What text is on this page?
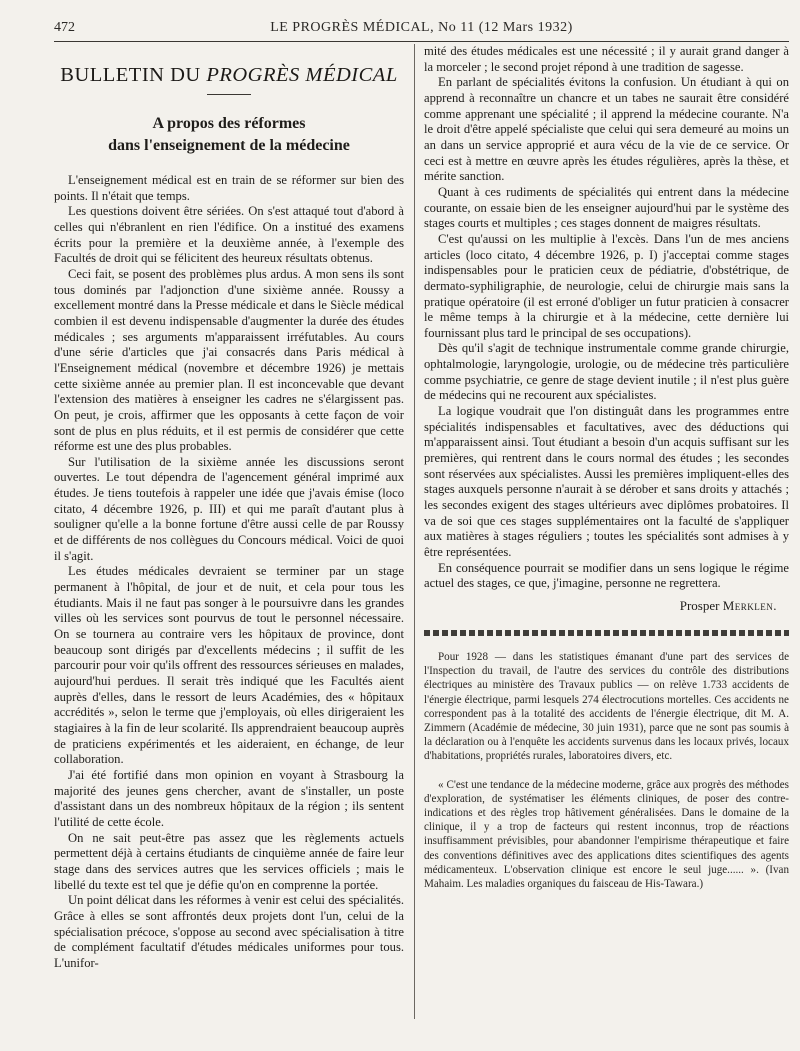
472	LE PROGRÈS MÉDICAL, No 11 (12 Mars 1932)
BULLETIN DU PROGRÈS MÉDICAL
A propos des réformes
dans l'enseignement de la médecine

L'enseignement médical est en train de se réformer sur bien des points. Il n'était que temps.

Les questions doivent être sériées. On s'est attaqué tout d'abord à celles qui n'ébranlent en rien l'édifice. On a institué des examens écrits pour la première et la deuxième année, à l'exemple des Facultés de droit qui se félicitent des heureux résultats obtenus.

Ceci fait, se posent des problèmes plus ardus. A mon sens ils sont tous dominés par l'adjonction d'une sixième année. Roussy a excellement montré dans la Presse médicale et dans le Siècle médical combien il est devenu indispensable d'augmenter la durée des études médicales ; ses arguments m'apparaissent irréfutables. Au cours d'une série d'articles que j'ai consacrés dans Paris médical à l'Enseignement médical (novembre et décembre 1926) je mettais cette sixième année au premier plan. Il est inconcevable que devant l'extension des matières à enseigner les cadres ne s'élargissent pas. On peut, je crois, affirmer que les opposants à cette façon de voir sont de plus en plus réduits, et il est permis de considérer que cette réforme est une des plus probables.

Sur l'utilisation de la sixième année les discussions seront ouvertes. Le tout dépendra de l'agencement général imprimé aux études. Je tiens toutefois à rappeler une idée que j'avais émise (loco citato, 4 décembre 1926, p. III) et qui me paraît d'autant plus à souligner qu'elle a la bonne fortune d'être aussi celle de par Roussy et de différents de nos collègues du Concours médical. Voici de quoi il s'agit.

Les études médicales devraient se terminer par un stage permanent à l'hôpital, de jour et de nuit, et cela pour tous les étudiants. Mais il ne faut pas songer à le poursuivre dans les grandes villes où les services sont pourvus de tout le personnel nécessaire. On se tournera au contraire vers les hôpitaux de province, dont beaucoup sont dirigés par d'excellents médecins ; il suffit de les parcourir pour voir qu'ils offrent des ressources sérieuses en malades, aujourd'hui perdues. Il serait très indiqué que les Facultés aient auprès d'elles, dans le ressort de leurs Académies, des « hôpitaux accrédités », selon le terme que j'employais, où elles dirigeraient les stagiaires à la fin de leur scolarité. Ils apprendraient beaucoup auprès de praticiens expérimentés et les aideraient, en échange, de leur collaboration.

J'ai été fortifié dans mon opinion en voyant à Strasbourg la majorité des jeunes gens chercher, avant de s'installer, un poste d'assistant dans un des nombreux hôpitaux de la région ; ils sentent l'utilité de cette école.

On ne sait peut-être pas assez que les règlements actuels permettent déjà à certains étudiants de cinquième année de faire leur stage dans des services autres que les services officiels ; mais le libellé du texte est tel que je défie qu'on en comprenne la portée.

Un point délicat dans les réformes à venir est celui des spécialités. Grâce à elles se sont affrontés deux projets dont l'un, celui de la spécialisation précoce, s'oppose au second avec spécialisation à titre de complément facultatif d'études médicales uniformes pour tous. L'unifor-

mité des études médicales est une nécessité ; il y aurait grand danger à la morceler ; le second projet répond à une tradition de sagesse.

En parlant de spécialités évitons la confusion. Un étudiant à qui on apprend à reconnaître un chancre et un tabes ne saurait être considéré comme apprenant une spécialité ; il apprend la médecine courante. N'a le droit d'être appelé spécialiste que celui qui sera demeuré au moins un an dans un service approprié et aura vécu de la vie de ce service. Or ceci est à mettre en œuvre après les études régulières, après la thèse, et mérite sanction.

Quant à ces rudiments de spécialités qui entrent dans la médecine courante, on essaie bien de les enseigner aujourd'hui par le système des stages courts et multiples ; ces stages donnent de maigres résultats.

C'est qu'aussi on les multiplie à l'excès. Dans l'un de mes anciens articles (loco citato, 4 décembre 1926, p. I) j'acceptai comme stages indispensables pour le praticien ceux de pédiatrie, d'obstétrique, de dermato-syphiligraphie, de neurologie, celui de chirurgie mais sans la pratique opératoire (il est erroné d'obliger un futur praticien à consacrer le même temps à la chirurgie et à la médecine, cette dernière lui fournissant plus tard le principal de ses occupations).

Dès qu'il s'agit de technique instrumentale comme grande chirurgie, ophtalmologie, laryngologie, urologie, ou de médecine très particulière comme psychiatrie, ce genre de stage devient inutile ; il n'est plus guère de médecins qui ne recourent aux spécialistes.

La logique voudrait que l'on distinguât dans les programmes entre spécialités indispensables et facultatives, avec des déductions qui m'apparaissent ainsi. Tout étudiant a besoin d'un acquis suffisant sur les premières, qui rentrent dans le cours normal des études ; les secondes sont réservées aux spécialistes. Aussi les premières impliquent-elles des stages auxquels personne n'aurait à se dérober et sans droits y attachés ; les secondes exigent des stages ultérieurs avec diplômes probatoires. Il va de soi que ces stages supplémentaires ont la faculté de s'appliquer aux matières à stages réguliers ; toutes les spécialités sont admises à y être représentées.

En conséquence pourrait se modifier dans un sens logique le régime actuel des stages, ce que, j'imagine, personne ne regrettera.

Prosper Merklen.

Pour 1928 — dans les statistiques émanant d'une part des services de l'Inspection du travail, de l'autre des services du contrôle des distributions électriques au ministère des Travaux publics — on relève 1.733 accidents de l'énergie électrique, parmi lesquels 274 électrocutions mortelles. Ces accidents ne correspondent pas à la totalité des accidents de l'énergie électrique, dit M. A. Zimmern (Académie de médecine, 30 juin 1931), parce que ne sont pas soumis à la déclaration ou à l'enquête les accidents survenus dans les locaux privés, locaux d'habitations, propriétés rurales, laboratoires divers, etc.

« C'est une tendance de la médecine moderne, grâce aux progrès des méthodes d'exploration, de systématiser les éléments cliniques, de poser des contre-indications et des règles trop hâtivement généralisées. Dans le domaine de la clinique, il y a trop de facteurs qui restent inconnus, trop de réactions insuffisamment prévisibles, pour abandonner l'empirisme thérapeutique et faire des conventions définitives avec des applications dites scientifiques des agents médicamenteux. L'observation clinique est encore le seul juge...... ». (Ivan Mahaim. Les maladies organiques du faisceau de His-Tawara.)
